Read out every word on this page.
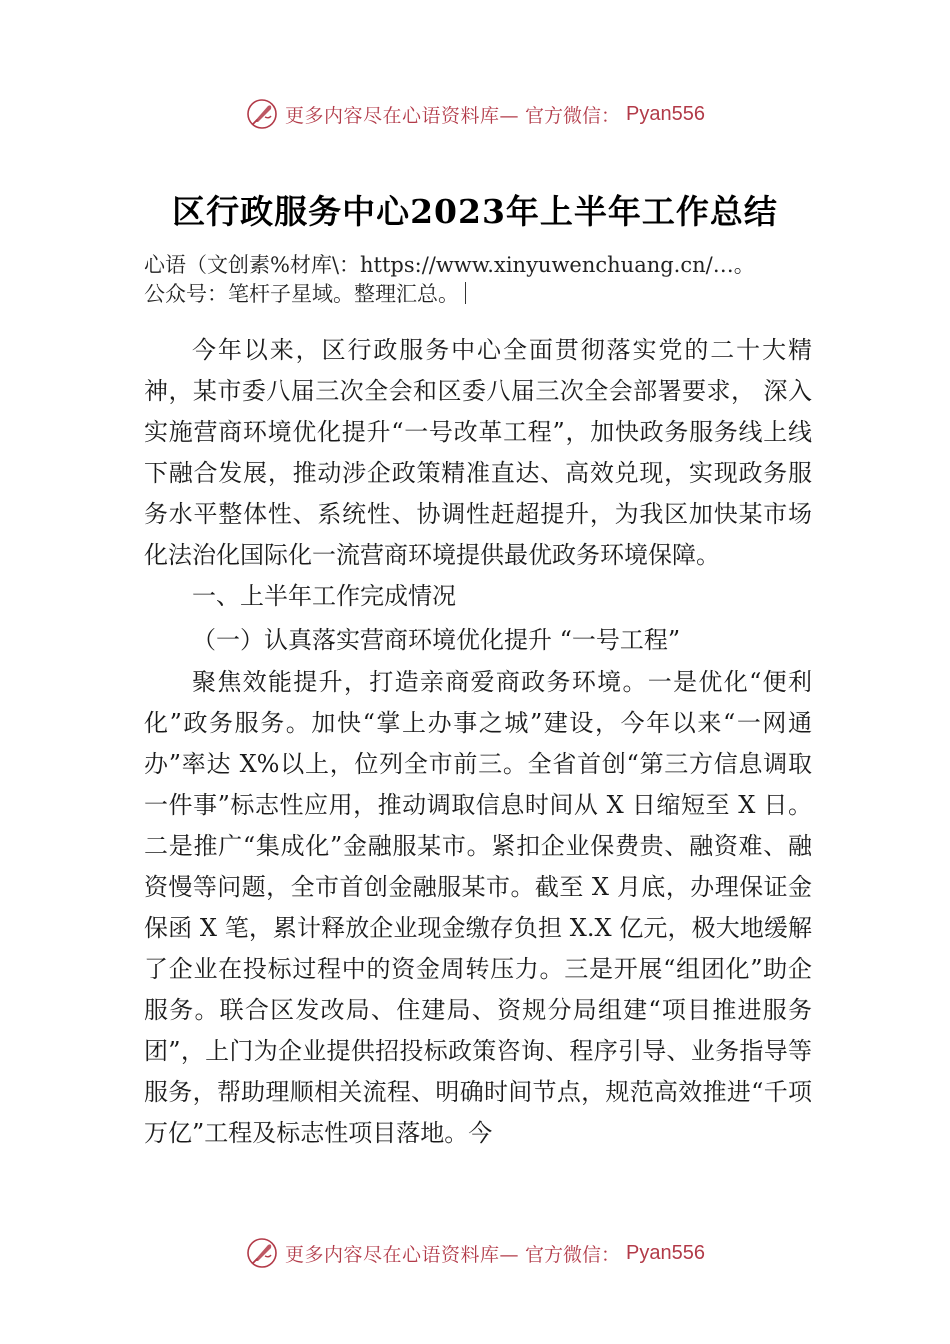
更多内容尽在心语资料库— 官方微信： Pyan556
区行政服务中心2023年上半年工作总结
心语（文创素%材库\：https://www.xinyuwenchuang.cn/…。
公众号：笔杆子星域。整理汇总。

今年以来，区行政服务中心全面贯彻落实党的二十大精神，某市委八届三次全会和区委八届三次全会部署要求， 深入实施营商环境优化提升“一号改革工程”，加快政务服务线上线下融合发展，推动涉企政策精准直达、高效兑现，实现政务服务水平整体性、系统性、协调性赶超提升，为我区加快某市场化法治化国际化一流营商环境提供最优政务环境保障。

一、上半年工作完成情况

（一）认真落实营商环境优化提升 “一号工程”

聚焦效能提升，打造亲商爱商政务环境。一是优化“便利化”政务服务。加快“掌上办事之城”建设，今年以来“一网通办”率达 X%以上，位列全市前三。全省首创“第三方信息调取一件事”标志性应用，推动调取信息时间从 X 日缩短至 X 日。二是推广“集成化”金融服某市。紧扣企业保费贵、融资难、融资慢等问题，全市首创金融服某市。截至 X 月底，办理保证金保函 X 笔，累计释放企业现金缴存负担 X.X 亿元，极大地缓解了企业在投标过程中的资金周转压力。三是开展“组团化”助企服务。联合区发改局、住建局、资规分局组建“项目推进服务团”，上门为企业提供招投标政策咨询、程序引导、业务指导等服务，帮助理顺相关流程、明确时间节点，规范高效推进“千项万亿”工程及标志性项目落地。今

更多内容尽在心语资料库— 官方微信： Pyan556
